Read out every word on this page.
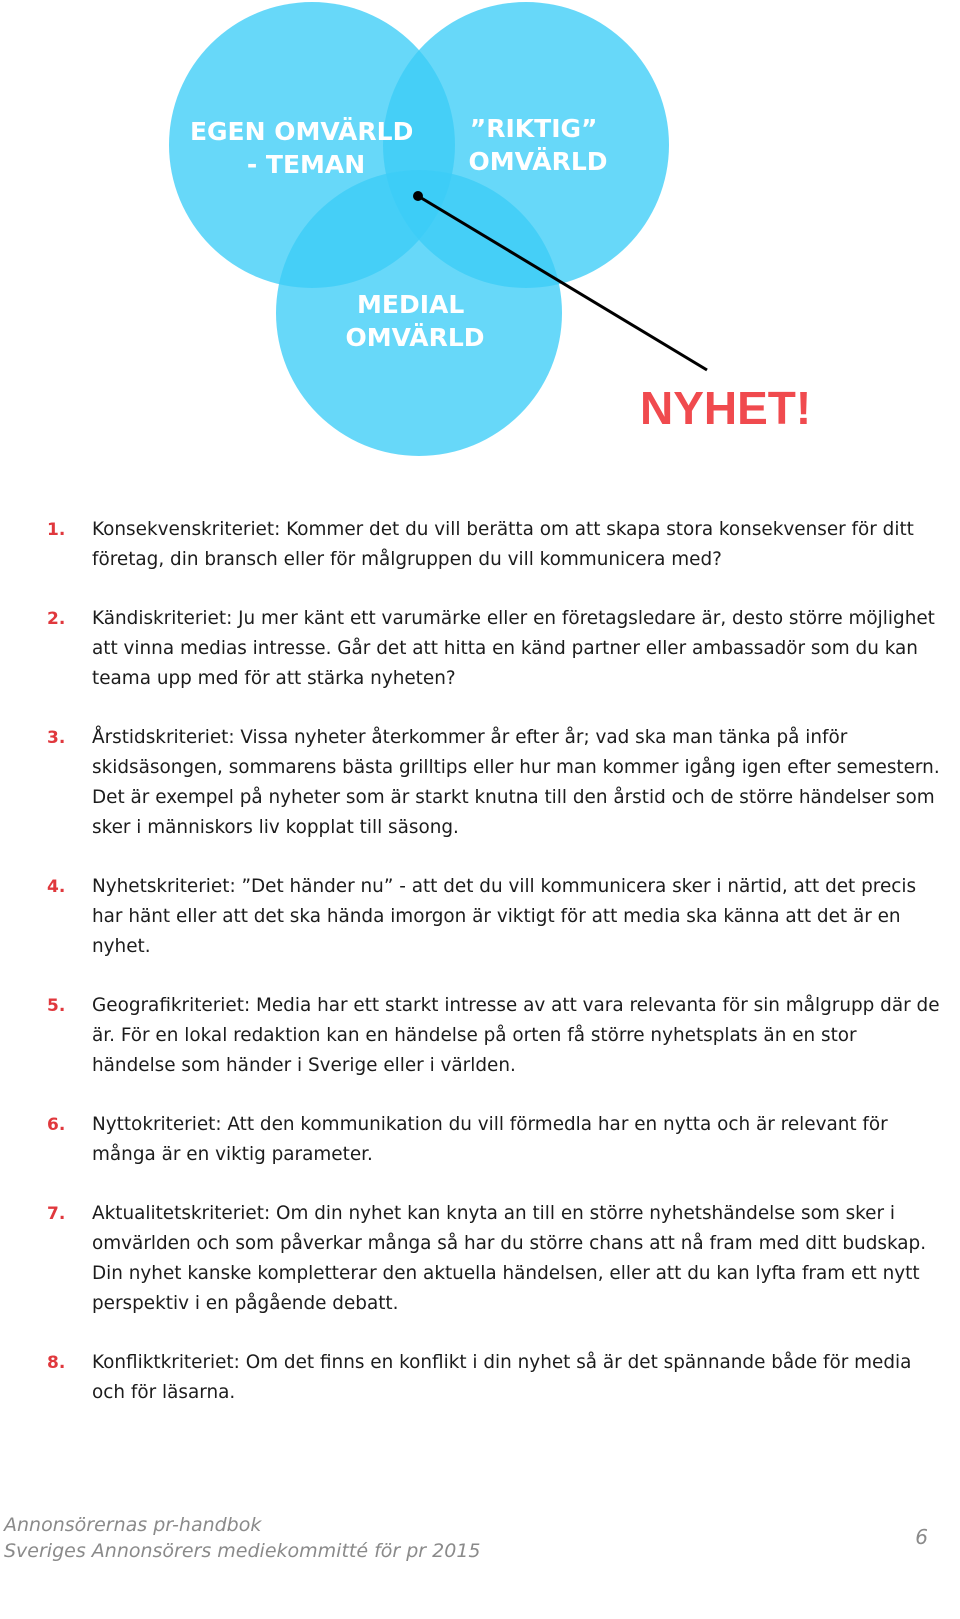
EGEN OMVÄRLD - TEMAN
”RIKTIG” OMVÄRLD
MEDIAL OMVÄRLD
NYHET!
1. Konsekvenskriteriet: Kommer det du vill berätta om att skapa stora konsekvenser för ditt företag, din bransch eller för målgruppen du vill kommunicera med?
2. Kändiskriteriet: Ju mer känt ett varumärke eller en företagsledare är, desto större möjlighet att vinna medias intresse. Går det att hitta en känd partner eller ambassadör som du kan teama upp med för att stärka nyheten?
3. Årstidskriteriet: Vissa nyheter återkommer år efter år; vad ska man tänka på inför skidsäsongen, sommarens bästa grilltips eller hur man kommer igång igen efter semestern. Det är exempel på nyheter som är starkt knutna till den årstid och de större händelser som sker i människors liv kopplat till säsong.
4. Nyhetskriteriet: ”Det händer nu” - att det du vill kommunicera sker i närtid, att det precis har hänt eller att det ska hända imorgon är viktigt för att media ska känna att det är en nyhet.
5. Geografikriteriet: Media har ett starkt intresse av att vara relevanta för sin målgrupp där de är. För en lokal redaktion kan en händelse på orten få större nyhetsplats än en stor händelse som händer i Sverige eller i världen.
6. Nyttokriteriet: Att den kommunikation du vill förmedla har en nytta och är relevant för många är en viktig parameter.
7. Aktualitetskriteriet: Om din nyhet kan knyta an till en större nyhetshändelse som sker i omvärlden och som påverkar många så har du större chans att nå fram med ditt budskap. Din nyhet kanske kompletterar den aktuella händelsen, eller att du kan lyfta fram ett nytt perspektiv i en pågående debatt.
8. Konfliktkriteriet: Om det finns en konflikt i din nyhet så är det spännande både för media och för läsarna.
Annonsörernas pr-handbok
Sveriges Annonsörers mediekommitté för pr 2015
6
